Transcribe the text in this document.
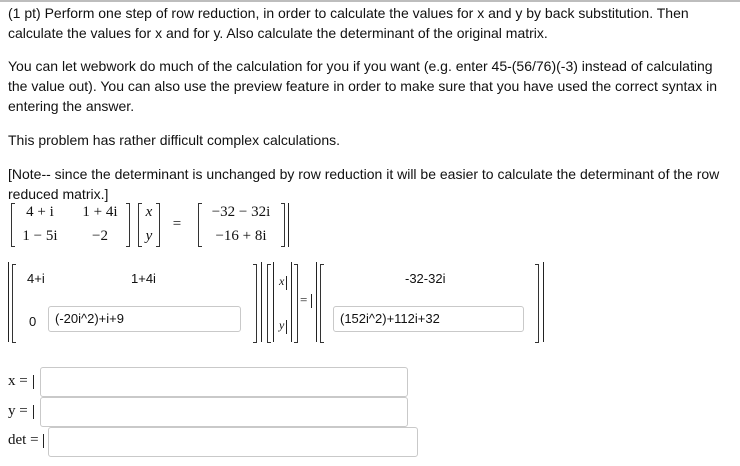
(1 pt) Perform one step of row reduction, in order to calculate the values for x and y by back substitution. Then calculate the values for x and for y. Also calculate the determinant of the original matrix.

You can let webwork do much of the calculation for you if you want (e.g. enter 45-(56/76)(-3) instead of calculating the value out). You can also use the preview feature in order to make sure that you have used the correct syntax in entering the answer.

This problem has rather difficult complex calculations.

[Note-- since the determinant is unchanged by row reduction it will be easier to calculate the determinant of the row reduced matrix.]

4 + i	1 + 4i
1 − 5i	−2
x
y
=
−32 − 32i
−16 + 8i
4+i	1+4i
0	(-20i^2)+i+9
x
y
=
-32-32i
(152i^2)+112i+32
x =
y =
det =
